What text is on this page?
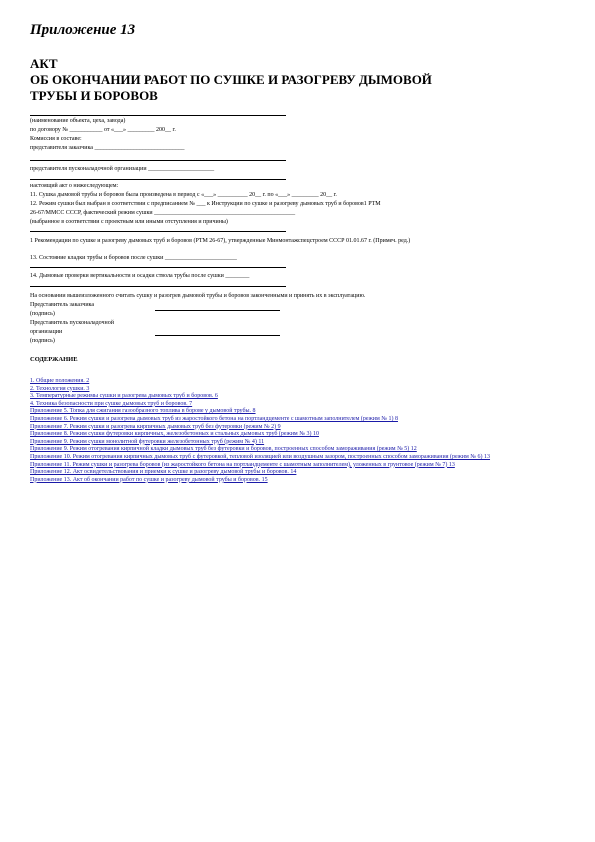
Приложение 13
АКТ
ОБ ОКОНЧАНИИ РАБОТ ПО СУШКЕ И РАЗОГРЕВУ ДЫМОВОЙ
ТРУБЫ И БОРОВОВ
(наименование объекта, цеха, завода)
по договору № ___________ от «___» _________ 200__ г.
Комиссия в составе:
представителя заказчика ______________________________
представителя пусконаладочной организации ______________________
настоящий акт о нижеследующем:
11. Сушка дымовой трубы и боровов была произведена в период с «___» __________ 20__ г. по «___» _________ 20__ г.
12. Режим сушки был выбран в соответствии с предписанием № ___ к Инструкции по сушке и разогреву дымовых труб и боровов1 РТМ
26-67/ММСС СССР, фактический режим сушки _______________________________________________
(выбранное в соответствии с проектным или иными отступления и причины)
1 Рекомендации по сушке и разогреву дымовых труб и боровов (РТМ 26-67), утвержденные Минмонтажспецстроем СССР 01.01.67 г. (Примеч. ред.)
13. Состояние кладки трубы и боровов после сушки ________________________
14. Дымовые проверки вертикальности и осадки ствола трубы после сушки ________
На основании вышеизложенного считать сушку и разогрев дымовой трубы и боровов законченными и принять их в эксплуатацию.
Представитель заказчика
(подпись)
Представитель пусконаладочной
организации
(подпись)
СОДЕРЖАНИЕ
1. Общие положения. 2
2. Технология сушки. 3
3. Температурные режимы сушки и разогрева дымовых труб и боровов. 6
4. Техника безопасности при сушке дымовых труб и боровов. 7
Приложение 5. Топка для сжигания газообразного топлива в борове у дымовой трубы. 8
Приложение 6. Режим сушки и разогрева дымовых труб из жаростойкого бетона на портландцементе с шамотным заполнителем (режим № 1) 8
Приложение 7. Режим сушки и разогрева кирпичных дымовых труб без футеровки (режим № 2) 9
Приложение 8. Режим сушки футеровки кирпичных, железобетонных и стальных дымовых труб (режим № 3) 10
Приложение 9. Режим сушки монолитной футеровки железобетонных труб (режим № 4) 11
Приложение 9. Режим отогревания кирпичной кладки дымовых труб без футеровки и боровов, построенных способом замораживания (режим № 5) 12
Приложение 10. Режим отогревания кирпичных дымовых труб с футеровкой, тепловой изоляцией или воздушным зазором, построенных способом замораживания (режим № 6) 13
Приложение 11. Режим сушки и разогрева боровов (из жаростойкого бетона на портландцементе с шамотным заполнителем), уложенных в грунтовое (режим № 7) 13
Приложение 12. Акт освидетельствования и приемки к сушке и разогреву дымовой трубы и боровов. 14
Приложение 13. Акт об окончании работ по сушке и разогреву дымовой трубы и боровов. 15
